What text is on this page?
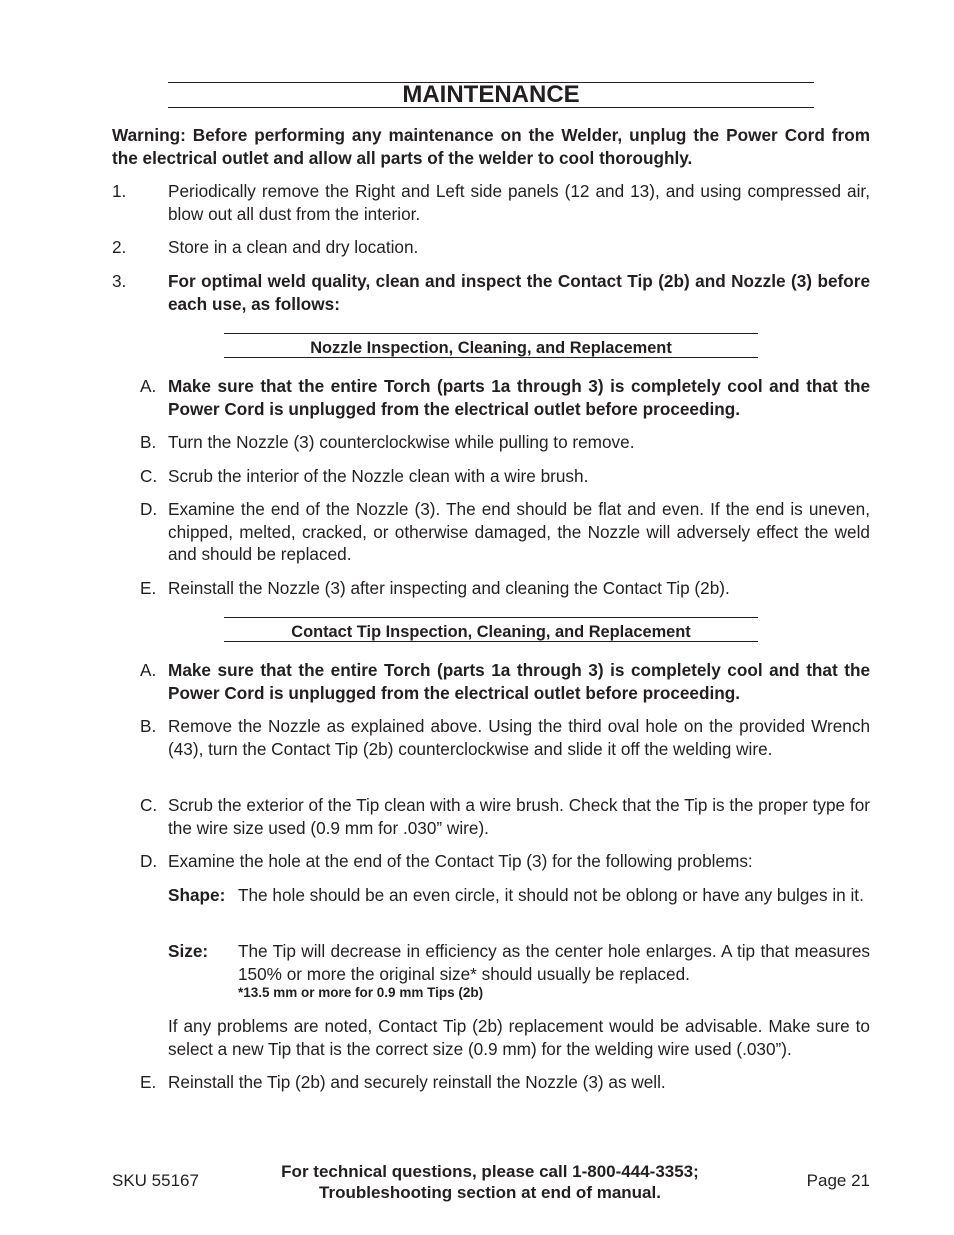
MAINTENANCE
Warning: Before performing any maintenance on the Welder, unplug the Power Cord from the electrical outlet and allow all parts of the welder to cool thoroughly.
1.	Periodically remove the Right and Left side panels (12 and 13), and using compressed air, blow out all dust from the interior.
2.	Store in a clean and dry location.
3.	For optimal weld quality, clean and inspect the Contact Tip (2b) and Nozzle (3) before each use, as follows:
Nozzle Inspection, Cleaning, and Replacement
A. Make sure that the entire Torch (parts 1a through 3) is completely cool and that the Power Cord is unplugged from the electrical outlet before proceeding.
B. Turn the Nozzle (3) counterclockwise while pulling to remove.
C. Scrub the interior of the Nozzle clean with a wire brush.
D. Examine the end of the Nozzle (3). The end should be flat and even. If the end is uneven, chipped, melted, cracked, or otherwise damaged, the Nozzle will adversely effect the weld and should be replaced.
E. Reinstall the Nozzle (3) after inspecting and cleaning the Contact Tip (2b).
Contact Tip Inspection, Cleaning, and Replacement
A. Make sure that the entire Torch (parts 1a through 3) is completely cool and that the Power Cord is unplugged from the electrical outlet before proceeding.
B. Remove the Nozzle as explained above. Using the third oval hole on the provided Wrench (43), turn the Contact Tip (2b) counterclockwise and slide it off the welding wire.
C. Scrub the exterior of the Tip clean with a wire brush. Check that the Tip is the proper type for the wire size used (0.9 mm for .030” wire).
D. Examine the hole at the end of the Contact Tip (3) for the following problems:
Shape: The hole should be an even circle, it should not be oblong or have any bulges in it.
Size: The Tip will decrease in efficiency as the center hole enlarges. A tip that measures 150% or more the original size* should usually be replaced.
*13.5 mm or more for 0.9 mm Tips (2b)
If any problems are noted, Contact Tip (2b) replacement would be advisable. Make sure to select a new Tip that is the correct size (0.9 mm) for the welding wire used (.030”).
E. Reinstall the Tip (2b) and securely reinstall the Nozzle (3) as well.
SKU 55167	For technical questions, please call 1-800-444-3353;
Troubleshooting section at end of manual.
Page 21
